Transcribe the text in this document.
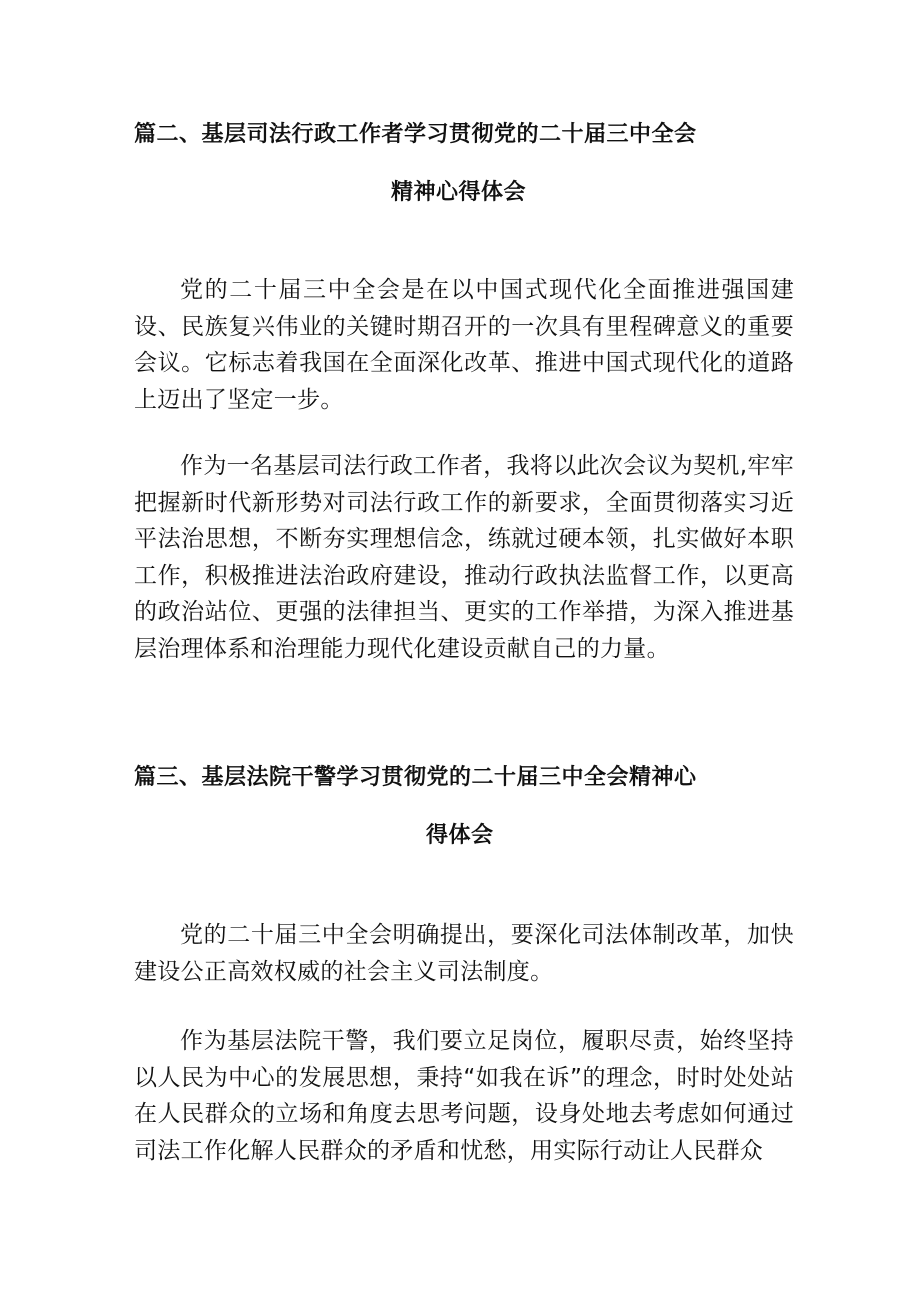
篇二、基层司法行政工作者学习贯彻党的二十届三中全会
精神心得体会

党的二十届三中全会是在以中国式现代化全面推进强国建设、民族复兴伟业的关键时期召开的一次具有里程碑意义的重要会议。它标志着我国在全面深化改革、推进中国式现代化的道路上迈出了坚定一步。

作为一名基层司法行政工作者，我将以此次会议为契机,牢牢把握新时代新形势对司法行政工作的新要求，全面贯彻落实习近平法治思想，不断夯实理想信念，练就过硬本领，扎实做好本职工作，积极推进法治政府建设，推动行政执法监督工作，以更高的政治站位、更强的法律担当、更实的工作举措，为深入推进基层治理体系和治理能力现代化建设贡献自己的力量。

篇三、基层法院干警学习贯彻党的二十届三中全会精神心
得体会

党的二十届三中全会明确提出，要深化司法体制改革，加快建设公正高效权威的社会主义司法制度。

作为基层法院干警，我们要立足岗位，履职尽责，始终坚持以人民为中心的发展思想，秉持“如我在诉”的理念，时时处处站在人民群众的立场和角度去思考问题，设身处地去考虑如何通过司法工作化解人民群众的矛盾和忧愁，用实际行动让人民群众
